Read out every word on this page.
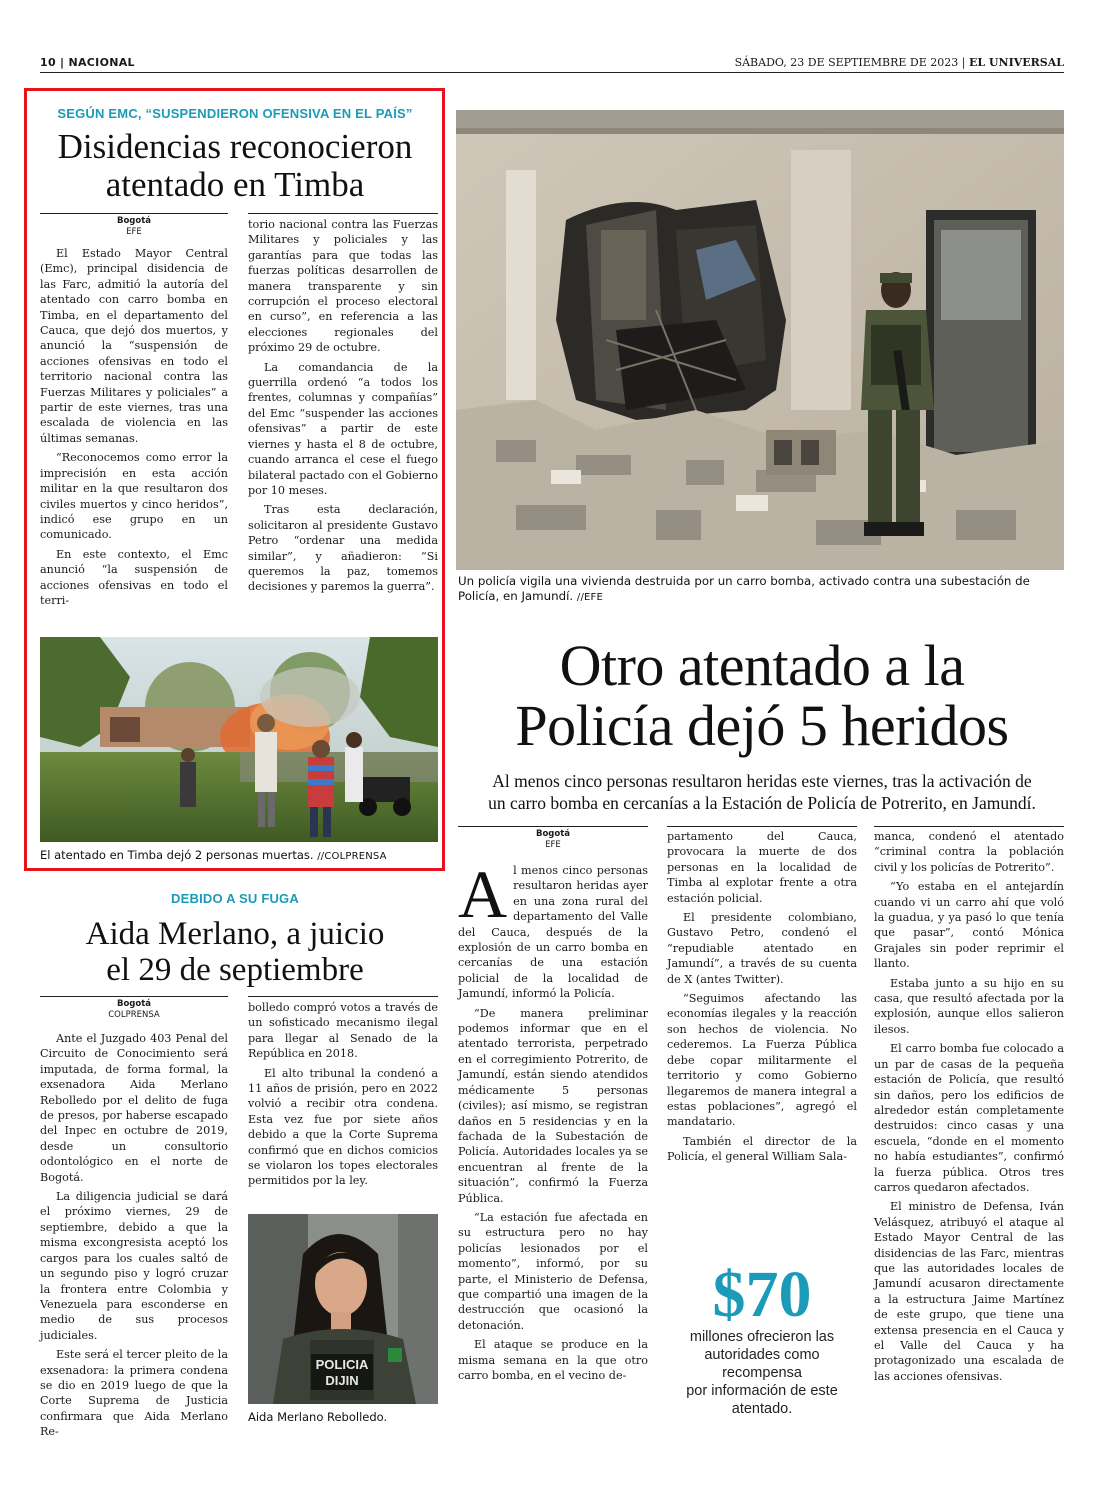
10 | NACIONAL	SÁBADO, 23 DE SEPTIEMBRE DE 2023 | EL UNIVERSAL
SEGÚN EMC, “SUSPENDIERON OFENSIVA EN EL PAÍS”
Disidencias reconocieron
atentado en Timba
Bogotá
EFE

El Estado Mayor Central (Emc), principal disidencia de las Farc, admitió la autoría del atentado con carro bomba en Timba, en el departamento del Cauca, que dejó dos muertos, y anunció la “suspensión de acciones ofensivas en todo el territorio nacional contra las Fuerzas Militares y policiales” a partir de este viernes, tras una escalada de violencia en las últimas semanas.

“Reconocemos como error la imprecisión en esta acción militar en la que resultaron dos civiles muertos y cinco heridos”, indicó ese grupo en un comunicado.

En este contexto, el Emc anunció “la suspensión de acciones ofensivas en todo el terri-

torio nacional contra las Fuerzas Militares y policiales y las garantías para que todas las fuerzas políticas desarrollen de manera transparente y sin corrupción el proceso electoral en curso”, en referencia a las elecciones regionales del próximo 29 de octubre.

La comandancia de la guerrilla ordenó “a todos los frentes, columnas y compañías” del Emc “suspender las acciones ofensivas” a partir de este viernes y hasta el 8 de octubre, cuando arranca el cese el fuego bilateral pactado con el Gobierno por 10 meses.

Tras esta declaración, solicitaron al presidente Gustavo Petro “ordenar una medida similar”, y añadieron: “Si queremos la paz, tomemos decisiones y paremos la guerra”.

El atentado en Timba dejó 2 personas muertas. //COLPRENSA
DEBIDO A SU FUGA
Aida Merlano, a juicio
el 29 de septiembre
Bogotá
COLPRENSA

Ante el Juzgado 403 Penal del Circuito de Conocimiento será imputada, de forma formal, la exsenadora Aida Merlano Rebolledo por el delito de fuga de presos, por haberse escapado del Inpec en octubre de 2019, desde un consultorio odontológico en el norte de Bogotá.

La diligencia judicial se dará el próximo viernes, 29 de septiembre, debido a que la misma excongresista aceptó los cargos para los cuales saltó de un segundo piso y logró cruzar la frontera entre Colombia y Venezuela para esconderse en medio de sus procesos judiciales.

Este será el tercer pleito de la exsenadora: la primera condena se dio en 2019 luego de que la Corte Suprema de Justicia confirmara que Aida Merlano Re-

bolledo compró votos a través de un sofisticado mecanismo ilegal para llegar al Senado de la República en 2018.

El alto tribunal la condenó a 11 años de prisión, pero en 2022 volvió a recibir otra condena. Esta vez fue por siete años debido a que la Corte Suprema confirmó que en dichos comicios se violaron los topes electorales permitidos por la ley.

POLICIA
DIJIN
Aida Merlano Rebolledo.
Un policía vigila una vivienda destruida por un carro bomba, activado contra una subestación de Policía, en Jamundí. //EFE
Otro atentado a la
Policía dejó 5 heridos
Al menos cinco personas resultaron heridas este viernes, tras la activación de
un carro bomba en cercanías a la Estación de Policía de Potrerito, en Jamundí.
Bogotá
EFE

Al menos cinco personas resultaron heridas ayer en una zona rural del departamento del Valle del Cauca, después de la explosión de un carro bomba en cercanías de una estación policial de la localidad de Jamundí, informó la Policía.

“De manera preliminar podemos informar que en el atentado terrorista, perpetrado en el corregimiento Potrerito, de Jamundí, están siendo atendidos médicamente 5 personas (civiles); así mismo, se registran daños en 5 residencias y en la fachada de la Subestación de Policía. Autoridades locales ya se encuentran al frente de la situación”, confirmó la Fuerza Pública.

“La estación fue afectada en su estructura pero no hay policías lesionados por el momento”, informó, por su parte, el Ministerio de Defensa, que compartió una imagen de la destrucción que ocasionó la detonación.

El ataque se produce en la misma semana en la que otro carro bomba, en el vecino de-

partamento del Cauca, provocara la muerte de dos personas en la localidad de Timba al explotar frente a otra estación policial.

El presidente colombiano, Gustavo Petro, condenó el “repudiable atentado en Jamundí”, a través de su cuenta de X (antes Twitter).

“Seguimos afectando las economías ilegales y la reacción son hechos de violencia. No cederemos. La Fuerza Pública debe copar militarmente el territorio y como Gobierno llegaremos de manera integral a estas poblaciones”, agregó el mandatario.

También el director de la Policía, el general William Sala-

manca, condenó el atentado “criminal contra la población civil y los policías de Potrerito”.

“Yo estaba en el antejardín cuando vi un carro ahí que voló la guadua, y ya pasó lo que tenía que pasar”, contó Mónica Grajales sin poder reprimir el llanto.

Estaba junto a su hijo en su casa, que resultó afectada por la explosión, aunque ellos salieron ilesos.

El carro bomba fue colocado a un par de casas de la pequeña estación de Policía, que resultó sin daños, pero los edificios de alrededor están completamente destruidos: cinco casas y una escuela, “donde en el momento no había estudiantes”, confirmó la fuerza pública. Otros tres carros quedaron afectados.

El ministro de Defensa, Iván Velásquez, atribuyó el ataque al Estado Mayor Central de las disidencias de las Farc, mientras que las autoridades locales de Jamundí acusaron directamente a la estructura Jaime Martínez de este grupo, que tiene una extensa presencia en el Cauca y el Valle del Cauca y ha protagonizado una escalada de las acciones ofensivas.

$70
millones ofrecieron las
autoridades como recompensa
por información de este
atentado.
